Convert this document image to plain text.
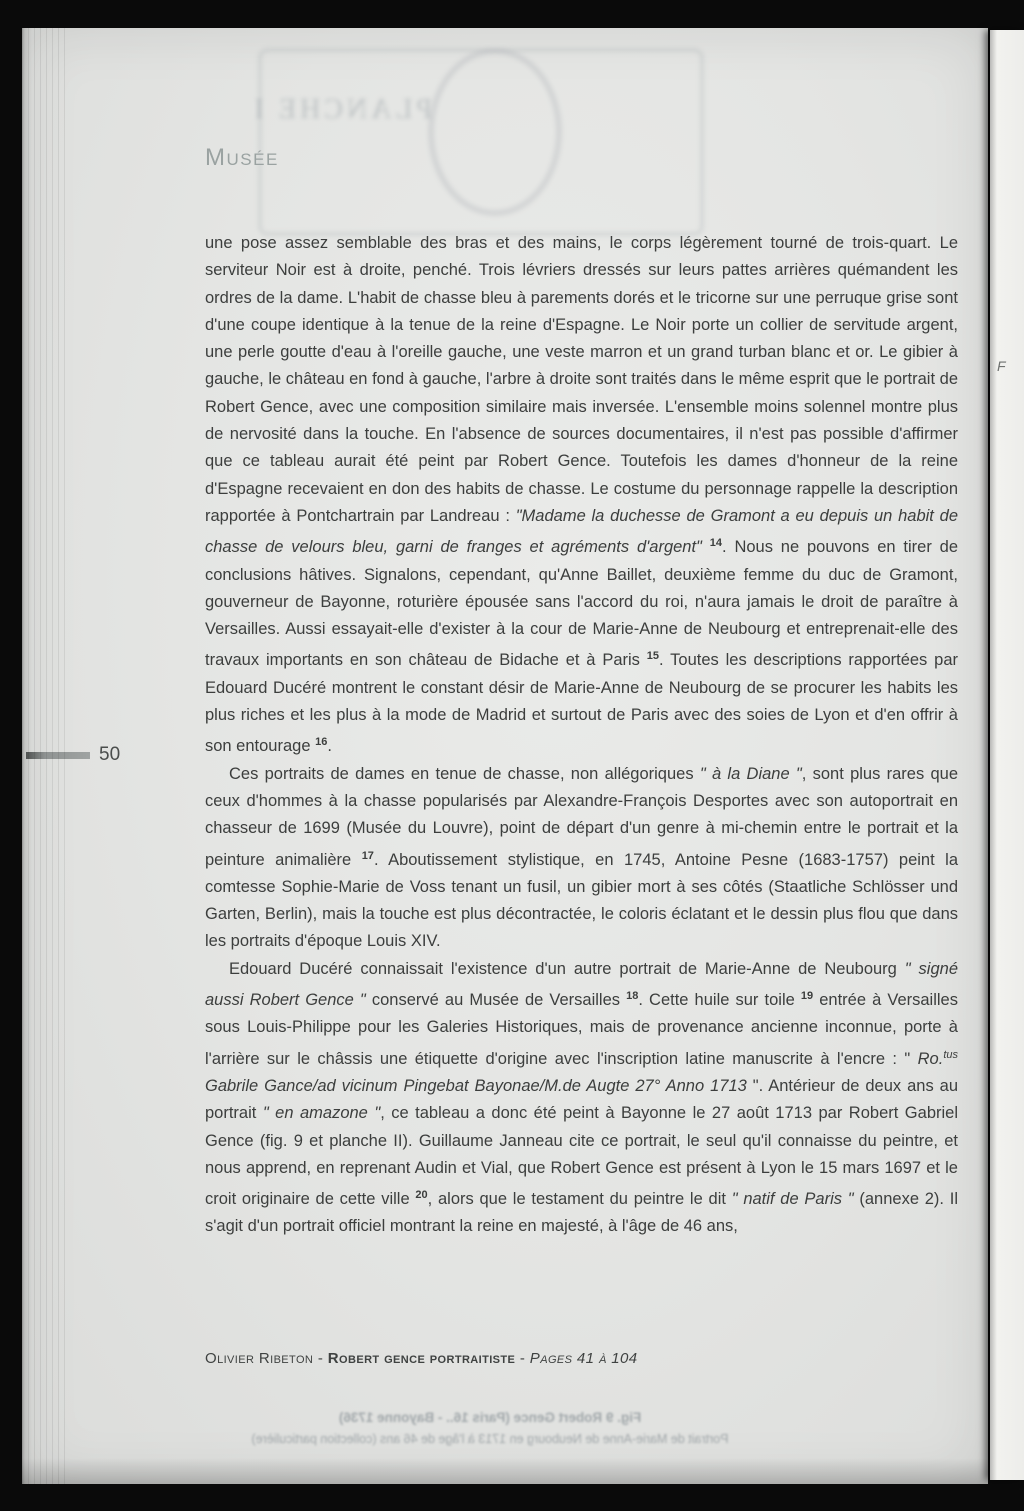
PLANCHE I
Musée
50

une pose assez semblable des bras et des mains, le corps légèrement tourné de trois-quart. Le serviteur Noir est à droite, penché. Trois lévriers dressés sur leurs pattes arrières quémandent les ordres de la dame. L'habit de chasse bleu à parements dorés et le tricorne sur une perruque grise sont d'une coupe identique à la tenue de la reine d'Espagne. Le Noir porte un collier de servitude argent, une perle goutte d'eau à l'oreille gauche, une veste marron et un grand turban blanc et or. Le gibier à gauche, le château en fond à gauche, l'arbre à droite sont traités dans le même esprit que le portrait de Robert Gence, avec une composition similaire mais inversée. L'ensemble moins solennel montre plus de nervosité dans la touche. En l'absence de sources documentaires, il n'est pas possible d'affirmer que ce tableau aurait été peint par Robert Gence. Toutefois les dames d'honneur de la reine d'Espagne recevaient en don des habits de chasse. Le costume du personnage rappelle la description rapportée à Pontchartrain par Landreau : "Madame la duchesse de Gramont a eu depuis un habit de chasse de velours bleu, garni de franges et agréments d'argent" $^{14}$. Nous ne pouvons en tirer de conclusions hâtives. Signalons, cependant, qu'Anne Baillet, deuxième femme du duc de Gramont, gouverneur de Bayonne, roturière épousée sans l'accord du roi, n'aura jamais le droit de paraître à Versailles. Aussi essayait-elle d'exister à la cour de Marie-Anne de Neubourg et entreprenait-elle des travaux importants en son château de Bidache et à Paris $^{15}$. Toutes les descriptions rapportées par Edouard Ducéré montrent le constant désir de Marie-Anne de Neubourg de se procurer les habits les plus riches et les plus à la mode de Madrid et surtout de Paris avec des soies de Lyon et d'en offrir à son entourage $^{16}$.

Ces portraits de dames en tenue de chasse, non allégoriques " à la Diane ", sont plus rares que ceux d'hommes à la chasse popularisés par Alexandre-François Desportes avec son autoportrait en chasseur de 1699 (Musée du Louvre), point de départ d'un genre à mi-chemin entre le portrait et la peinture animalière $^{17}$. Aboutissement stylistique, en 1745, Antoine Pesne (1683-1757) peint la comtesse Sophie-Marie de Voss tenant un fusil, un gibier mort à ses côtés (Staatliche Schlösser und Garten, Berlin), mais la touche est plus décontractée, le coloris éclatant et le dessin plus flou que dans les portraits d'époque Louis XIV.

Edouard Ducéré connaissait l'existence d'un autre portrait de Marie-Anne de Neubourg " signé aussi Robert Gence " conservé au Musée de Versailles $^{18}$. Cette huile sur toile $^{19}$ entrée à Versailles sous Louis-Philippe pour les Galeries Historiques, mais de provenance ancienne inconnue, porte à l'arrière sur le châssis une étiquette d'origine avec l'inscription latine manuscrite à l'encre : " Ro.$^{tus}$ Gabrile Gance/ad vicinum Pingebat Bayonae/M.de Augte 27° Anno 1713 ". Antérieur de deux ans au portrait " en amazone ", ce tableau a donc été peint à Bayonne le 27 août 1713 par Robert Gabriel Gence (fig. 9 et planche II). Guillaume Janneau cite ce portrait, le seul qu'il connaisse du peintre, et nous apprend, en reprenant Audin et Vial, que Robert Gence est présent à Lyon le 15 mars 1697 et le croit originaire de cette ville $^{20}$, alors que le testament du peintre le dit " natif de Paris " (annexe 2). Il s'agit d'un portrait officiel montrant la reine en majesté, à l'âge de 46 ans,

Olivier Ribeton - Robert gence portraitiste - Pages 41 à 104
Fig. 9 Robert Gence (Paris 16.. - Bayonne 1736)
Portrait de Marie-Anne de Neubourg en 1713 à l'âge de 46 ans (collection particulière)
F
